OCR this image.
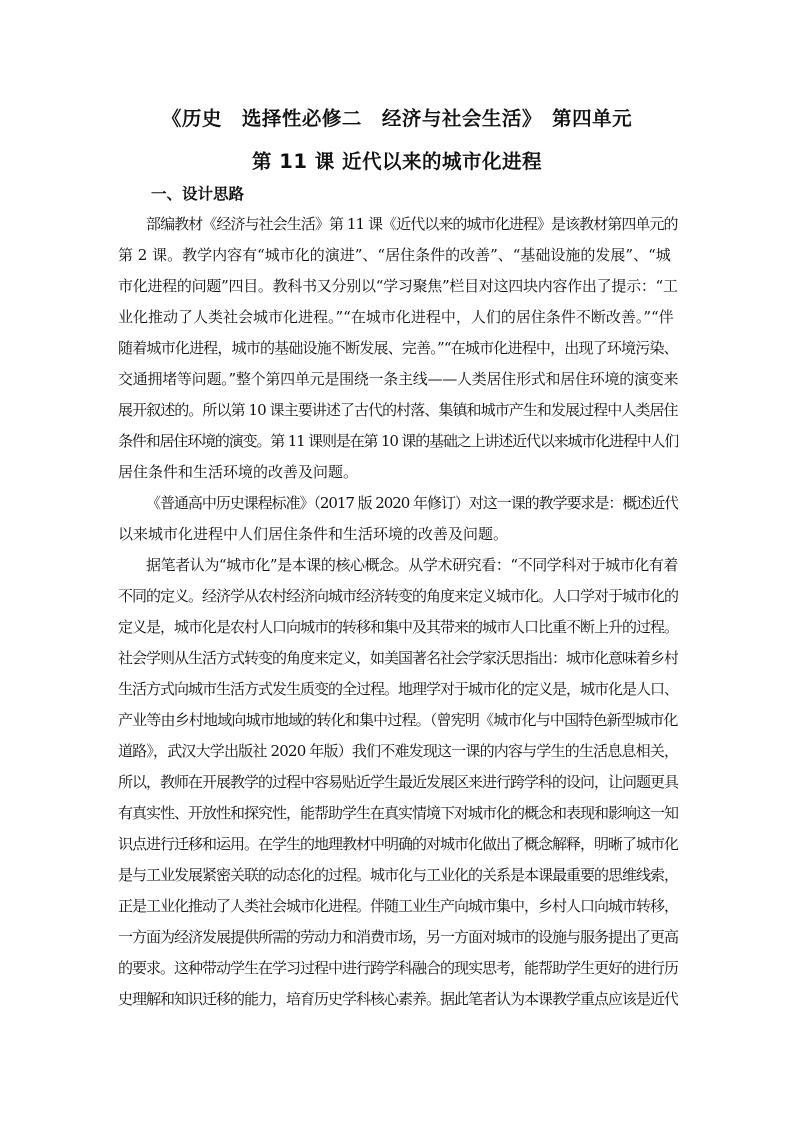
《历史　选择性必修二　经济与社会生活》　第四单元
第 11 课 近代以来的城市化进程
一、设计思路
部编教材《经济与社会生活》第 11 课《近代以来的城市化进程》是该教材第四单元的
第 2 课。教学内容有“城市化的演进”、“居住条件的改善”、“基础设施的发展”、“城
市化进程的问题”四目。教科书又分别以“学习聚焦”栏目对这四块内容作出了提示：“工
业化推动了人类社会城市化进程。”“在城市化进程中，人们的居住条件不断改善。”“伴
随着城市化进程，城市的基础设施不断发展、完善。”“在城市化进程中，出现了环境污染、
交通拥堵等问题。”整个第四单元是围绕一条主线——人类居住形式和居住环境的演变来
展开叙述的。所以第 10 课主要讲述了古代的村落、集镇和城市产生和发展过程中人类居住
条件和居住环境的演变。第 11 课则是在第 10 课的基础之上讲述近代以来城市化进程中人们
居住条件和生活环境的改善及问题。
《普通高中历史课程标准》（2017 版 2020 年修订）对这一课的教学要求是：概述近代
以来城市化进程中人们居住条件和生活环境的改善及问题。
据笔者认为“城市化”是本课的核心概念。从学术研究看：“不同学科对于城市化有着
不同的定义。经济学从农村经济向城市经济转变的角度来定义城市化。人口学对于城市化的
定义是，城市化是农村人口向城市的转移和集中及其带来的城市人口比重不断上升的过程。
社会学则从生活方式转变的角度来定义，如美国著名社会学家沃思指出：城市化意味着乡村
生活方式向城市生活方式发生质变的全过程。地理学对于城市化的定义是，城市化是人口、
产业等由乡村地域向城市地域的转化和集中过程。（曾宪明《城市化与中国特色新型城市化
道路》，武汉大学出版社 2020 年版）我们不难发现这一课的内容与学生的生活息息相关，
所以，教师在开展教学的过程中容易贴近学生最近发展区来进行跨学科的设问，让问题更具
有真实性、开放性和探究性，能帮助学生在真实情境下对城市化的概念和表现和影响这一知
识点进行迁移和运用。在学生的地理教材中明确的对城市化做出了概念解释，明晰了城市化
是与工业发展紧密关联的动态化的过程。城市化与工业化的关系是本课最重要的思维线索，
正是工业化推动了人类社会城市化进程。伴随工业生产向城市集中，乡村人口向城市转移，
一方面为经济发展提供所需的劳动力和消费市场，另一方面对城市的设施与服务提出了更高
的要求。这种带动学生在学习过程中进行跨学科融合的现实思考，能帮助学生更好的进行历
史理解和知识迁移的能力，培育历史学科核心素养。据此笔者认为本课教学重点应该是近代
